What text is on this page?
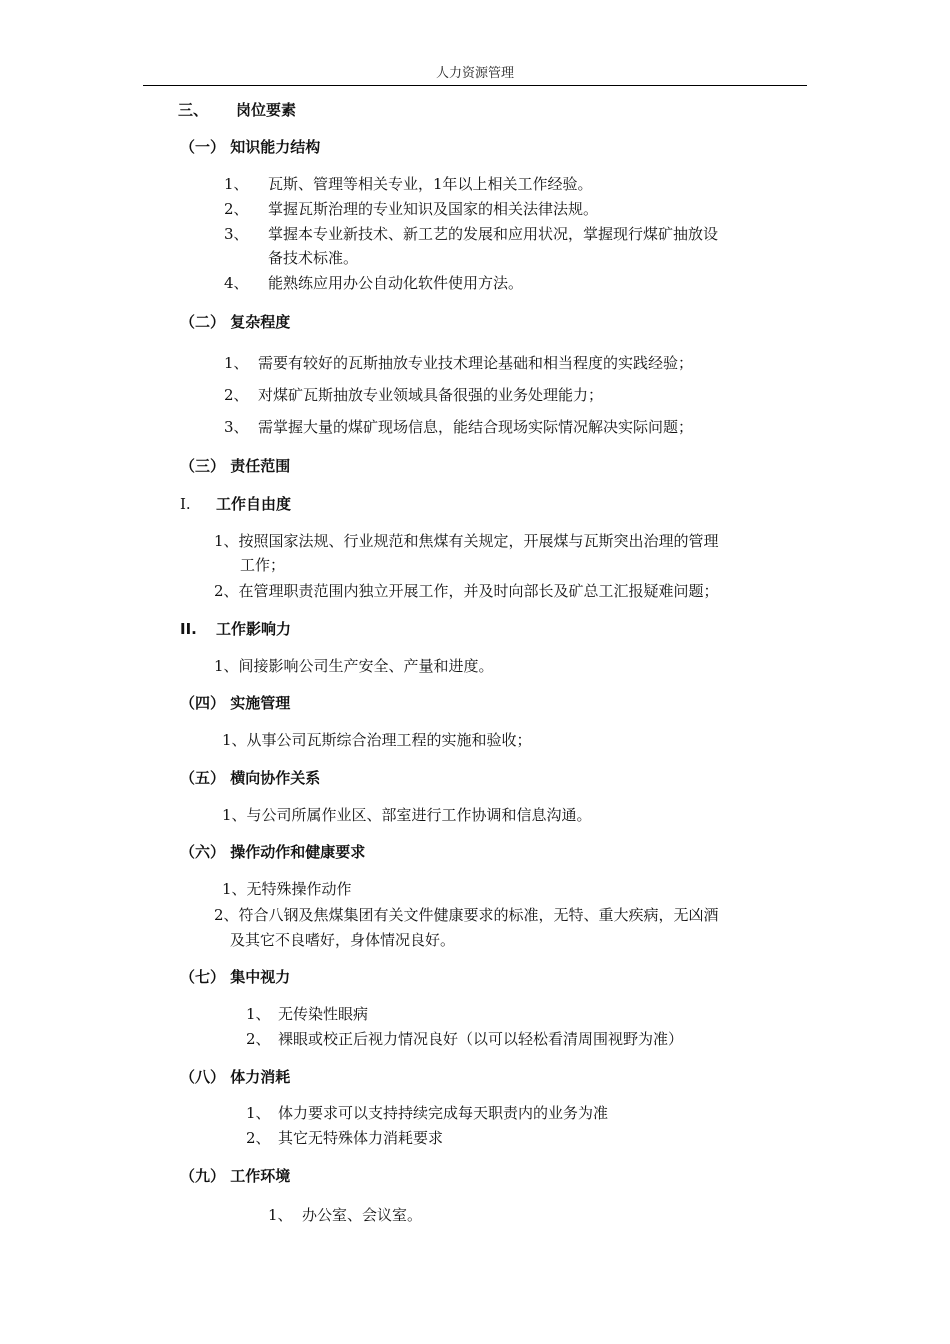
人力资源管理
三、 岗位要素
（一） 知识能力结构
1、 瓦斯、管理等相关专业，1年以上相关工作经验。
2、 掌握瓦斯治理的专业知识及国家的相关法律法规。
3、 掌握本专业新技术、新工艺的发展和应用状况，掌握现行煤矿抽放设
备技术标准。
4、 能熟练应用办公自动化软件使用方法。
（二） 复杂程度
1、 需要有较好的瓦斯抽放专业技术理论基础和相当程度的实践经验；
2、 对煤矿瓦斯抽放专业领域具备很强的业务处理能力；
3、 需掌握大量的煤矿现场信息，能结合现场实际情况解决实际问题；
（三） 责任范围
I. 工作自由度
1、按照国家法规、行业规范和焦煤有关规定，开展煤与瓦斯突出治理的管理
工作；
2、在管理职责范围内独立开展工作，并及时向部长及矿总工汇报疑难问题；
II. 工作影响力
1、间接影响公司生产安全、产量和进度。
（四） 实施管理
1、从事公司瓦斯综合治理工程的实施和验收；
（五） 横向协作关系
1、与公司所属作业区、部室进行工作协调和信息沟通。
（六） 操作动作和健康要求
1、无特殊操作动作
2、符合八钢及焦煤集团有关文件健康要求的标准，无特、重大疾病，无凶酒
及其它不良嗜好，身体情况良好。
（七） 集中视力
1、 无传染性眼病
2、 裸眼或校正后视力情况良好（以可以轻松看清周围视野为准）
（八） 体力消耗
1、 体力要求可以支持持续完成每天职责内的业务为准
2、 其它无特殊体力消耗要求
（九） 工作环境
1、 办公室、会议室。
